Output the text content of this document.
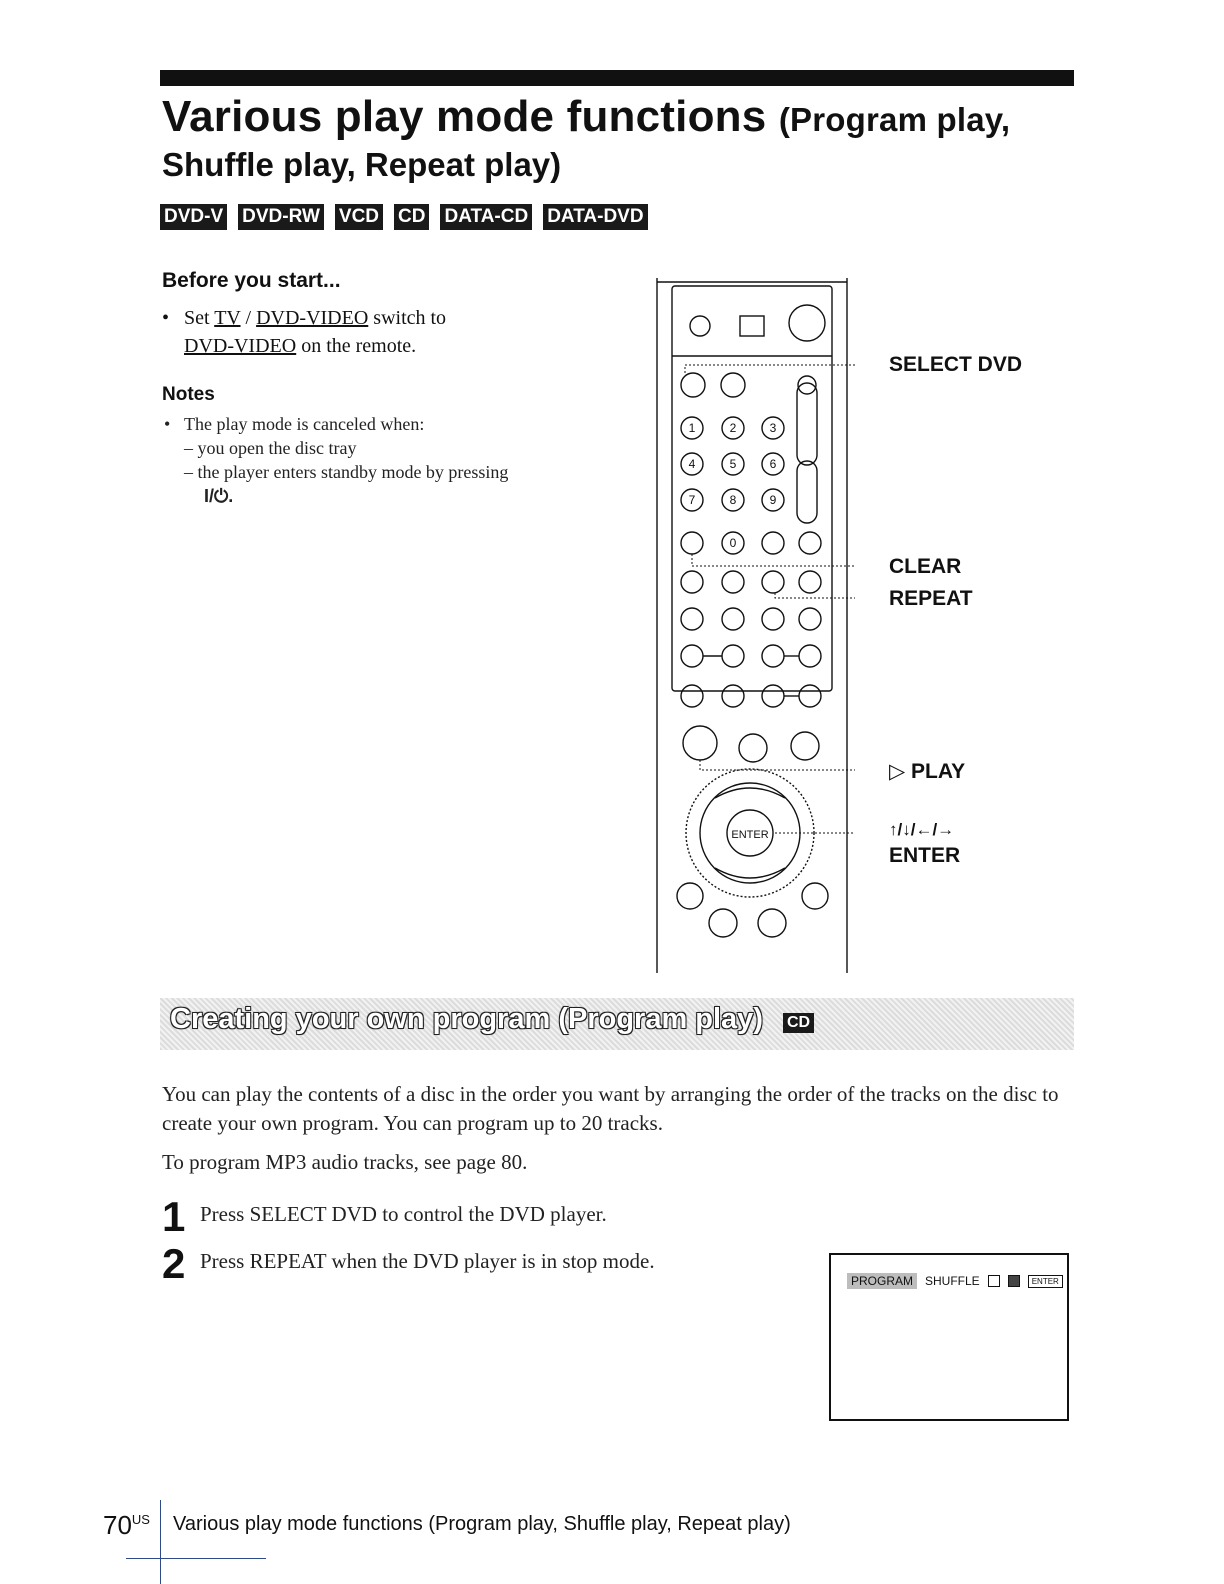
Various play mode functions (Program play,
Shuffle play, Repeat play)
DVD-V DVD-RW VCD CD DATA-CD DATA-DVD
Before you start...
• Set TV / DVD-VIDEO switch to
DVD-VIDEO on the remote.
Notes
• The play mode is canceled when:
– you open the disc tray
– the player enters standby mode by pressing
I/⏻.
ENTER
1	2	3
4	5	6
7	8	9
0
SELECT DVD
CLEAR
REPEAT
▷ PLAY
↑/↓/←/→
ENTER
Creating your own program (Program play) CD
You can play the contents of a disc in the order you want by arranging the order of the tracks on the disc to create your own program. You can program up to 20 tracks.
To program MP3 audio tracks, see page 80.
1 Press SELECT DVD to control the DVD player.
2 Press REPEAT when the DVD player is in stop mode.
PROGRAM	SHUFFLE	ENTER
$70^{US}$ Various play mode functions (Program play, Shuffle play, Repeat play)
